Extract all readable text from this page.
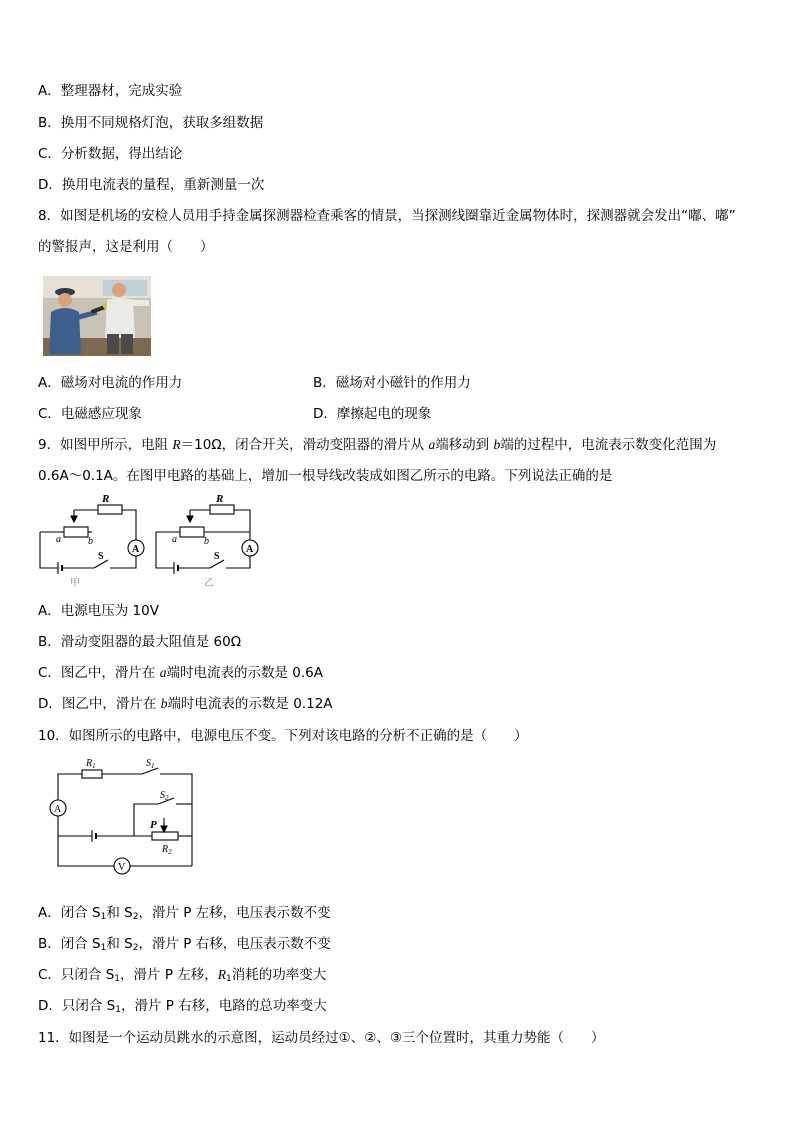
A．整理器材，完成实验
B．换用不同规格灯泡，获取多组数据
C．分析数据，得出结论
D．换用电流表的量程，重新测量一次
8．如图是机场的安检人员用手持金属探测器检查乘客的情景，当探测线圈靠近金属物体时，探测器就会发出“嘟、嘟”
的警报声，这是利用（　　）
A．磁场对电流的作用力	B．磁场对小磁针的作用力
C．电磁感应现象	D．摩擦起电的现象
9．如图甲所示，电阻 R＝10Ω，闭合开关，滑动变阻器的滑片从 a端移动到 b端的过程中，电流表示数变化范围为
0.6A～0.1A。在图甲电路的基础上，增加一根导线改装成如图乙所示的电路。下列说法正确的是
A
R
a	b
S
甲
A
R
a	b
S
乙
A．电源电压为 10V
B．滑动变阻器的最大阻值是 60Ω
C．图乙中，滑片在 a端时电流表的示数是 0.6A
D．图乙中，滑片在 b端时电流表的示数是 0.12A
10．如图所示的电路中，电源电压不变。下列对该电路的分析不正确的是（　　）
$R_1$	$S_1$
$S_2$
P
$R_2$
A
V
A．闭合 $S_1$和 $S_2$，滑片 P 左移，电压表示数不变
B．闭合 $S_1$和 $S_2$，滑片 P 右移，电压表示数不变
C．只闭合 $S_1$，滑片 P 左移，$R_1$消耗的功率变大
D．只闭合 $S_1$，滑片 P 右移，电路的总功率变大
11．如图是一个运动员跳水的示意图，运动员经过①、②、③三个位置时，其重力势能（　　）
